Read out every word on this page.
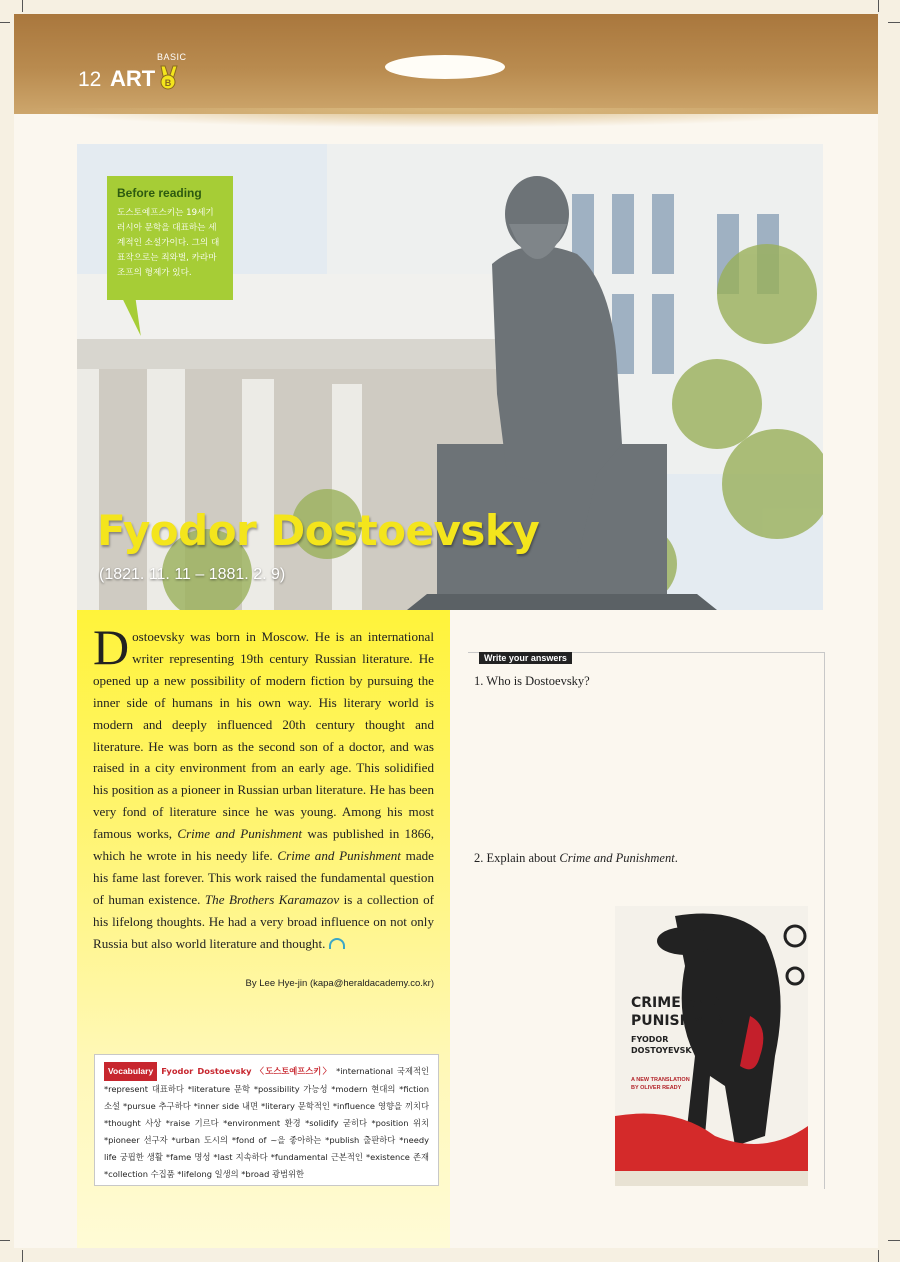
12 ART B
BASIC
Before reading
도스토예프스키는 19세기 러시아 문학을 대표하는 세계적인 소설가이다. 그의 대표작으로는 죄와벌, 카라마조프의 형제가 있다.
Fyodor Dostoevsky
(1821. 11. 11 – 1881. 2. 9)
Dostoevsky was born in Moscow. He is an international writer representing 19th century Russian literature. He opened up a new possibility of modern fiction by pursuing the inner side of humans in his own way. His literary world is modern and deeply influenced 20th century thought and literature. He was born as the second son of a doctor, and was raised in a city environment from an early age. This solidified his position as a pioneer in Russian urban literature. He has been very fond of literature since he was young. Among his most famous works, Crime and Punishment was published in 1866, which he wrote in his needy life. Crime and Punishment made his fame last forever. This work raised the fundamental question of human existence. The Brothers Karamazov is a collection of his lifelong thoughts. He had a very broad influence on not only Russia but also world literature and thought.
By Lee Hye-jin (kapa@heraldacademy.co.kr)
Vocabulary Fyodor Dostoevsky 〈도스토예프스키〉 *international 국제적인 *represent 대표하다 *literature 문학 *possibility 가능성 *modern 현대의 *fiction 소설 *pursue 추구하다 *inner side 내면 *literary 문학적인 *influence 영향을 끼치다 *thought 사상 *raise 기르다 *environment 환경 *solidify 굳히다 *position 위치 *pioneer 선구자 *urban 도시의 *fond of ~을 좋아하는 *publish 출판하다 *needy life 궁핍한 생활 *fame 명성 *last 지속하다 *fundamental 근본적인 *existence 존재 *collection 수집품 *lifelong 일생의 *broad 광범위한
Write your answers
1. Who is Dostoevsky?
2. Explain about Crime and Punishment.
CRIME AND
PUNISHMENT
FYODOR
DOSTOYEVSKY
A NEW TRANSLATION
BY OLIVER READY
